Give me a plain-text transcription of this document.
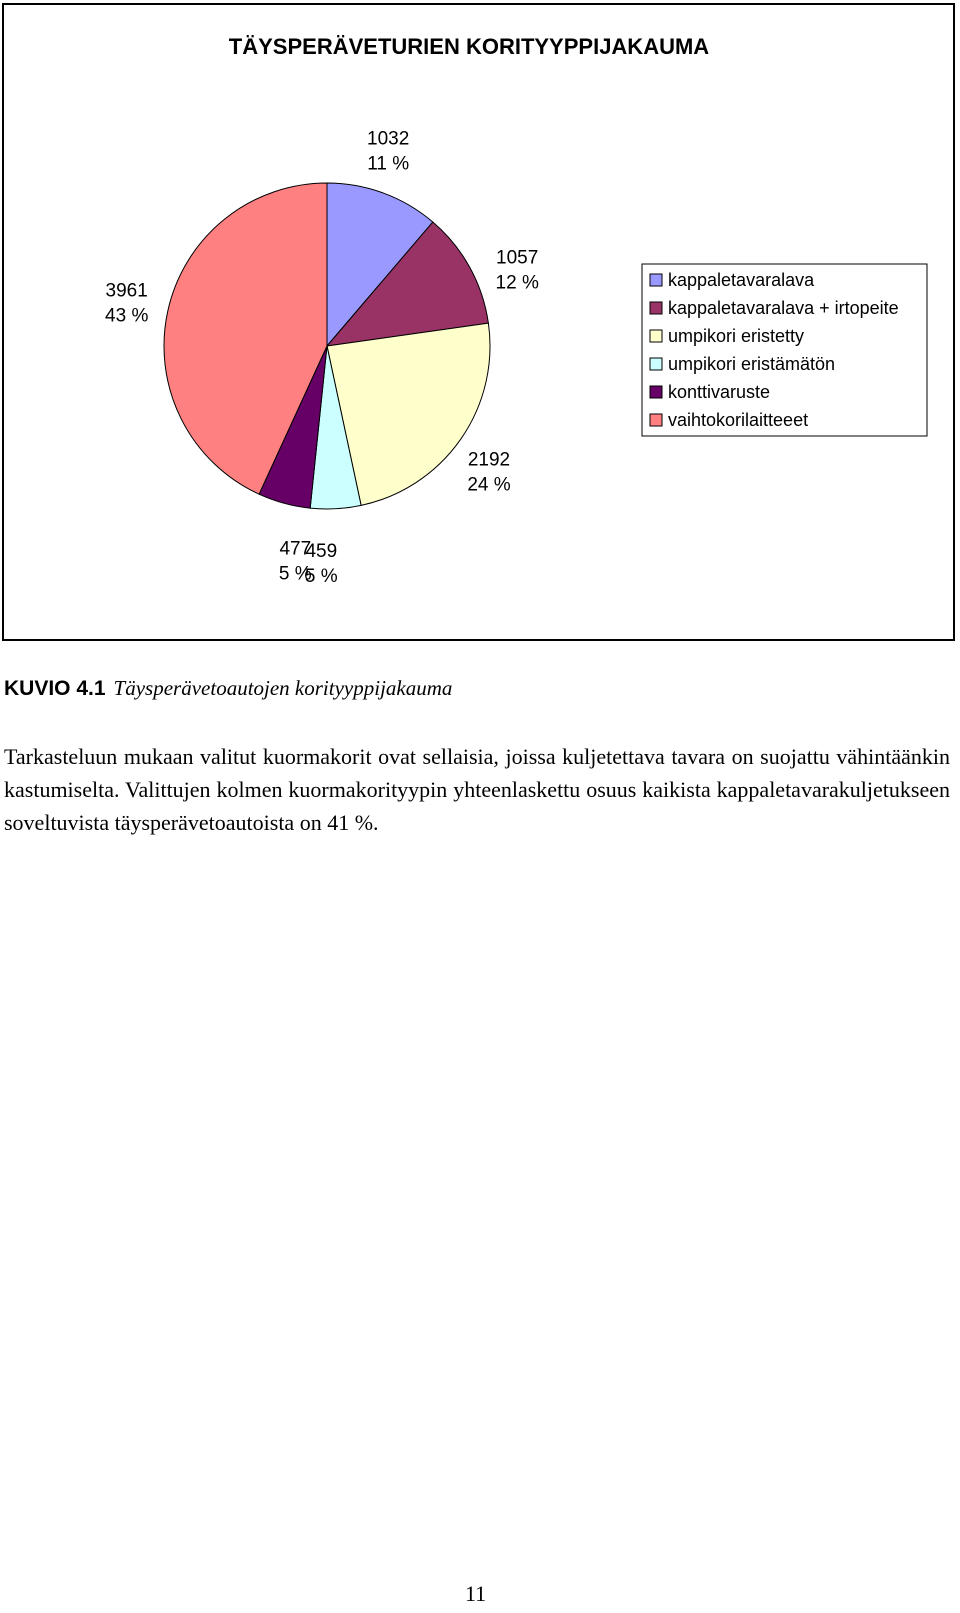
TÄYSPERÄVETURIEN KORITYYPPIJAKAUMA
1032
11 %
1057
12 %
2192
24 %
459
5 %
477
5 %
3961
43 %
kappaletavaralava
kappaletavaralava + irtopeite
umpikori eristetty
umpikori eristämätön
konttivaruste
vaihtokorilaitteeet
KUVIO 4.1 Täysperävetoautojen korityyppijakauma

Tarkasteluun mukaan valitut kuormakorit ovat sellaisia, joissa kuljetettava tavara on suojattu vähintäänkin kastumiselta. Valittujen kolmen kuormakorityypin yhteenlaskettu osuus kaikista kappaletavarakuljetukseen soveltuvista täysperävetoautoista on 41 %.

11
